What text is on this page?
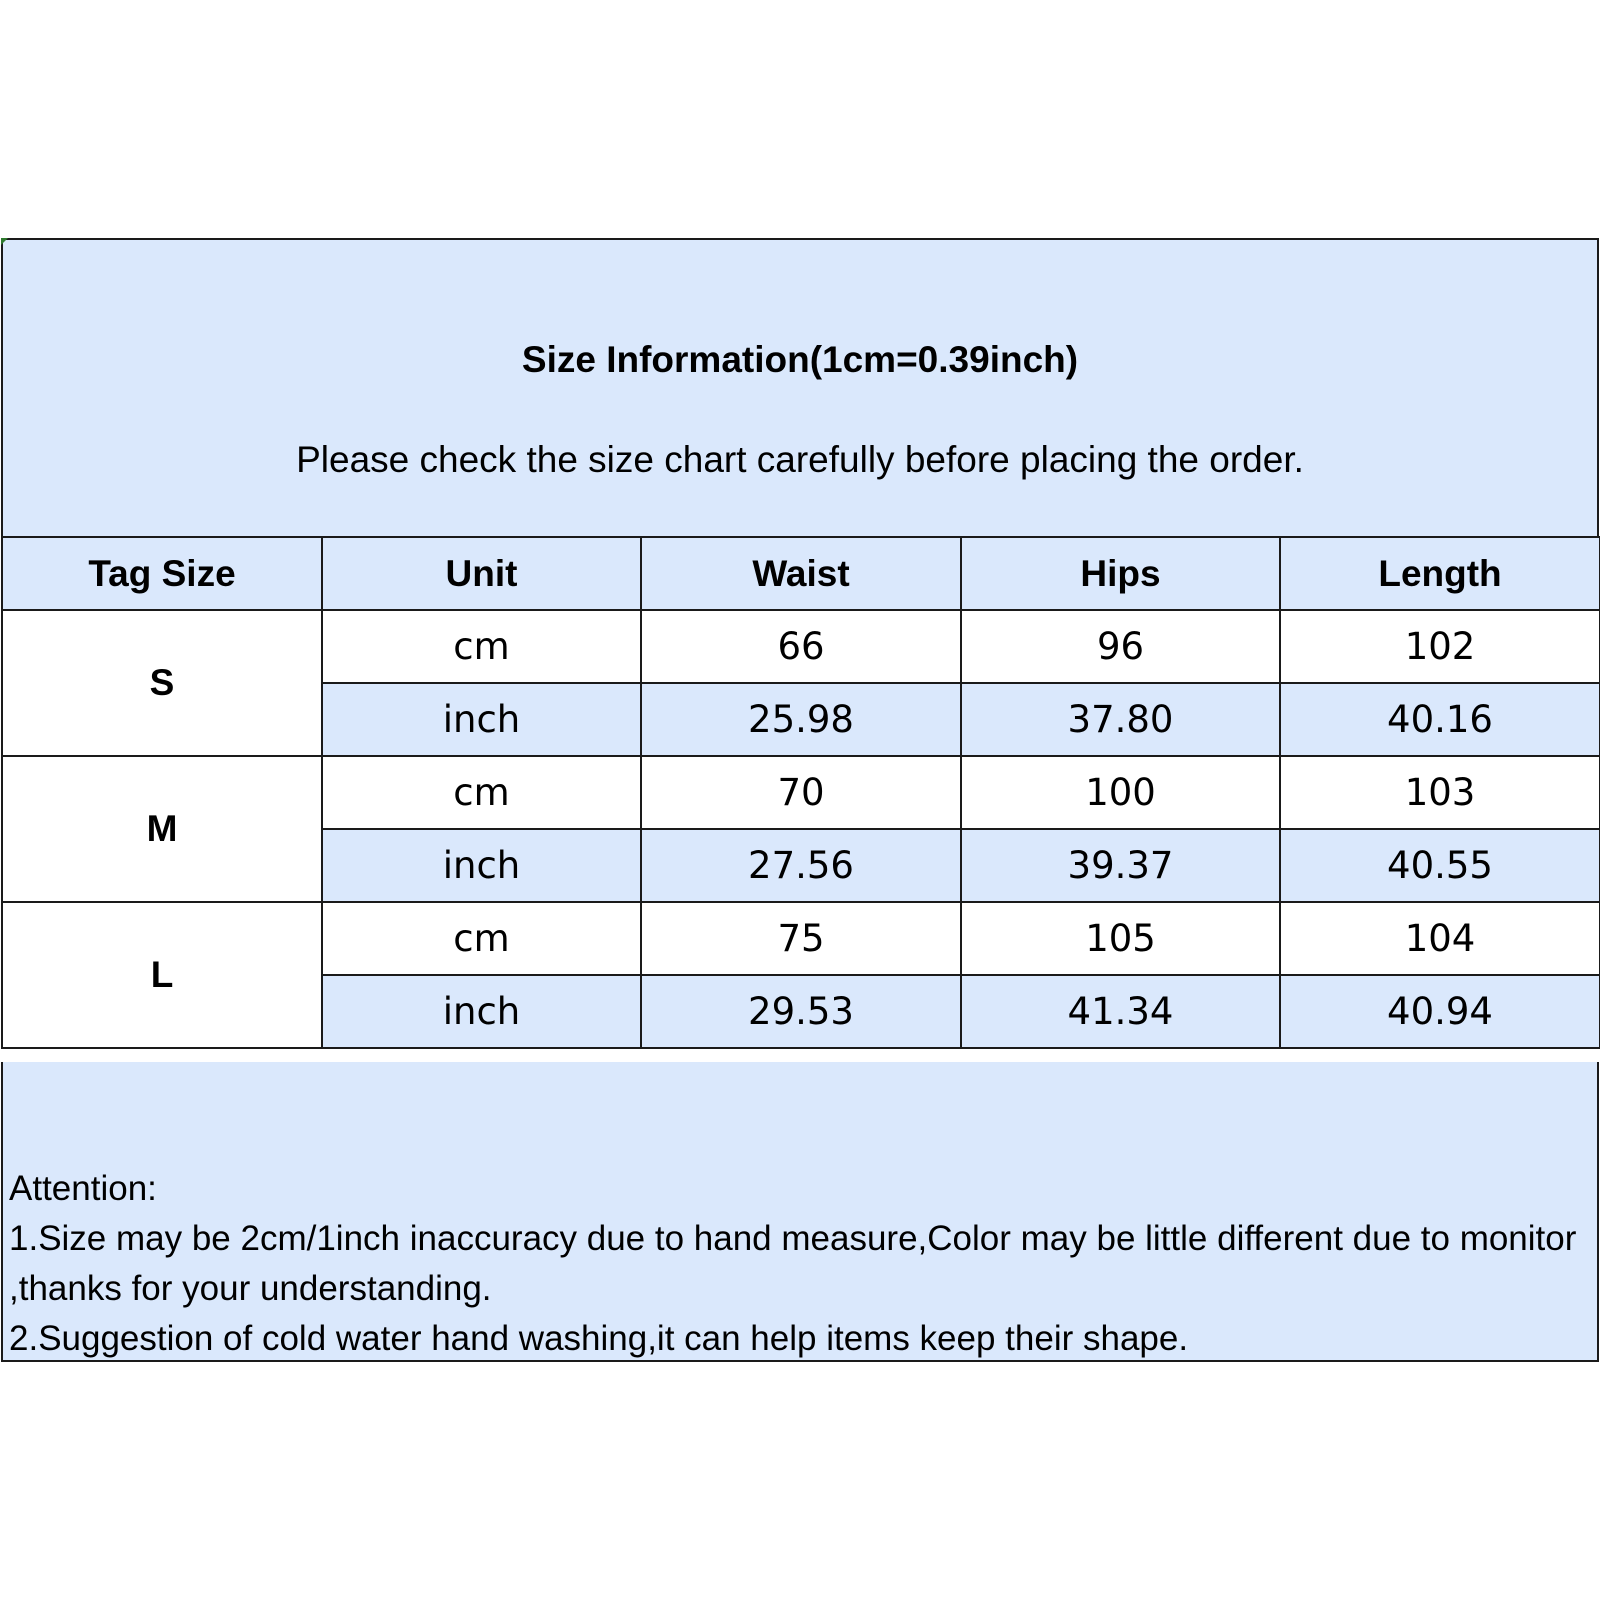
Size Information(1cm=0.39inch)
Please check the size chart carefully before placing the order.
Tag Size	Unit	Waist	Hips	Length
S	cm	66	96	102
	inch	25.98	37.80	40.16
M	cm	70	100	103
	inch	27.56	39.37	40.55
L	cm	75	105	104
	inch	29.53	41.34	40.94
Attention:
1.Size may be 2cm/1inch inaccuracy due to hand measure,Color may be little different due to monitor ,thanks for your understanding.
2.Suggestion of cold water hand washing,it can help items keep their shape.
